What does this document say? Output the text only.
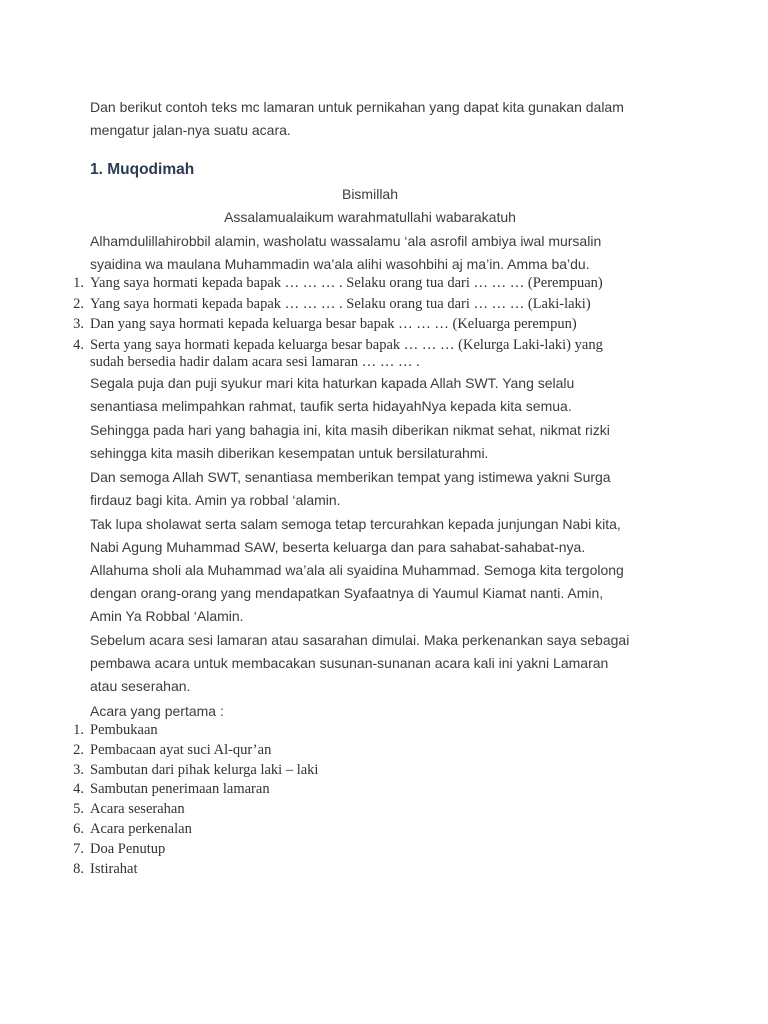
Dan berikut contoh teks mc lamaran untuk pernikahan yang dapat kita gunakan dalam
mengatur jalan-nya suatu acara.

1. Muqodimah

Bismillah

Assalamualaikum warahmatullahi wabarakatuh

Alhamdulillahirobbil alamin, washolatu wassalamu ‘ala asrofil ambiya iwal mursalin
syaidina wa maulana Muhammadin wa’ala alihi wasohbihi aj ma’in. Amma ba’du.

1. Yang saya hormati kepada bapak … … … . Selaku orang tua dari … … … (Perempuan)
2. Yang saya hormati kepada bapak … … … . Selaku orang tua dari … … … (Laki-laki)
3. Dan yang saya hormati kepada keluarga besar bapak … … … (Keluarga perempun)
4. Serta yang saya hormati kepada keluarga besar bapak … … … (Kelurga Laki-laki) yang
sudah bersedia hadir dalam acara sesi lamaran … … … .

Segala puja dan puji syukur mari kita haturkan kapada Allah SWT. Yang selalu
senantiasa melimpahkan rahmat, taufik serta hidayahNya kepada kita semua.

Sehingga pada hari yang bahagia ini, kita masih diberikan nikmat sehat, nikmat rizki
sehingga kita masih diberikan kesempatan untuk bersilaturahmi.

Dan semoga Allah SWT, senantiasa memberikan tempat yang istimewa yakni Surga
firdauz bagi kita. Amin ya robbal ‘alamin.

Tak lupa sholawat serta salam semoga tetap tercurahkan kepada junjungan Nabi kita,
Nabi Agung Muhammad SAW, beserta keluarga dan para sahabat-sahabat-nya.

Allahuma sholi ala Muhammad wa’ala ali syaidina Muhammad. Semoga kita tergolong
dengan orang-orang yang mendapatkan Syafaatnya di Yaumul Kiamat nanti. Amin,
Amin Ya Robbal ‘Alamin.

Sebelum acara sesi lamaran atau sasarahan dimulai. Maka perkenankan saya sebagai
pembawa acara untuk membacakan susunan-sunanan acara kali ini yakni Lamaran
atau seserahan.

Acara yang pertama :

1. Pembukaan
2. Pembacaan ayat suci Al-qur’an
3. Sambutan dari pihak kelurga laki – laki
4. Sambutan penerimaan lamaran
5. Acara seserahan
6. Acara perkenalan
7. Doa Penutup
8. Istirahat
